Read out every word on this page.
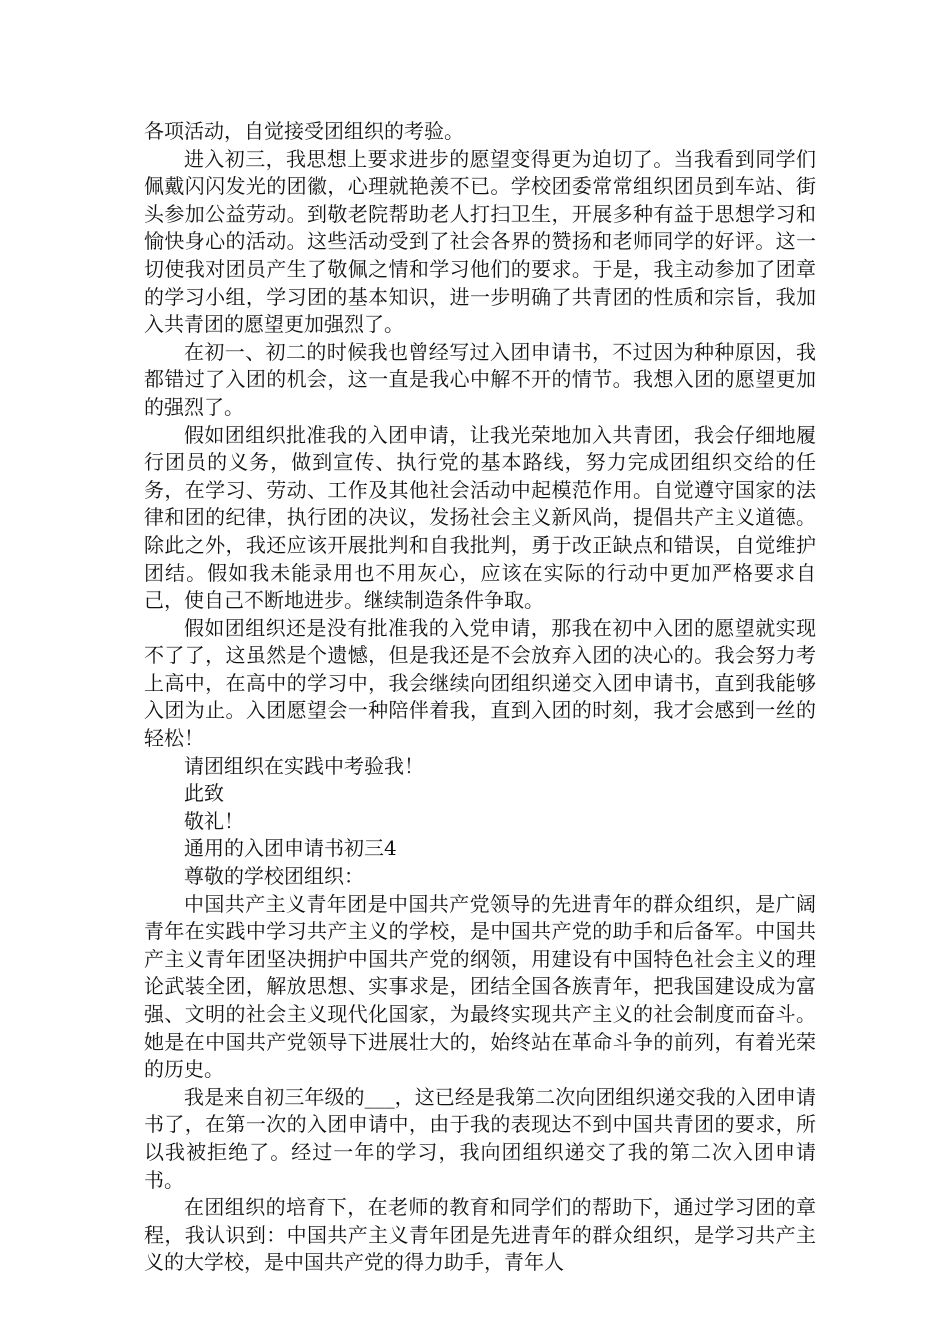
各项活动，自觉接受团组织的考验。

进入初三，我思想上要求进步的愿望变得更为迫切了。当我看到同学们佩戴闪闪发光的团徽，心理就艳羡不已。学校团委常常组织团员到车站、街头参加公益劳动。到敬老院帮助老人打扫卫生，开展多种有益于思想学习和愉快身心的活动。这些活动受到了社会各界的赞扬和老师同学的好评。这一切使我对团员产生了敬佩之情和学习他们的要求。于是，我主动参加了团章的学习小组，学习团的基本知识，进一步明确了共青团的性质和宗旨，我加入共青团的愿望更加强烈了。

在初一、初二的时候我也曾经写过入团申请书，不过因为种种原因，我都错过了入团的机会，这一直是我心中解不开的情节。我想入团的愿望更加的强烈了。

假如团组织批准我的入团申请，让我光荣地加入共青团，我会仔细地履行团员的义务，做到宣传、执行党的基本路线，努力完成团组织交给的任务，在学习、劳动、工作及其他社会活动中起模范作用。自觉遵守国家的法律和团的纪律，执行团的决议，发扬社会主义新风尚，提倡共产主义道德。除此之外，我还应该开展批判和自我批判，勇于改正缺点和错误，自觉维护团结。假如我未能录用也不用灰心，应该在实际的行动中更加严格要求自己，使自己不断地进步。继续制造条件争取。

假如团组织还是没有批准我的入党申请，那我在初中入团的愿望就实现不了了，这虽然是个遗憾，但是我还是不会放弃入团的决心的。我会努力考上高中，在高中的学习中，我会继续向团组织递交入团申请书，直到我能够入团为止。入团愿望会一种陪伴着我，直到入团的时刻，我才会感到一丝的轻松！

请团组织在实践中考验我！

此致

敬礼！

通用的入团申请书初三4

尊敬的学校团组织：

中国共产主义青年团是中国共产党领导的先进青年的群众组织，是广阔青年在实践中学习共产主义的学校，是中国共产党的助手和后备军。中国共产主义青年团坚决拥护中国共产党的纲领，用建设有中国特色社会主义的理论武装全团，解放思想、实事求是，团结全国各族青年，把我国建设成为富强、文明的社会主义现代化国家，为最终实现共产主义的社会制度而奋斗。她是在中国共产党领导下进展壮大的，始终站在革命斗争的前列，有着光荣的历史。

我是来自初三年级的___，这已经是我第二次向团组织递交我的入团申请书了，在第一次的入团申请中，由于我的表现达不到中国共青团的要求，所以我被拒绝了。经过一年的学习，我向团组织递交了我的第二次入团申请书。

在团组织的培育下，在老师的教育和同学们的帮助下，通过学习团的章程，我认识到：中国共产主义青年团是先进青年的群众组织，是学习共产主义的大学校，是中国共产党的得力助手，青年人
